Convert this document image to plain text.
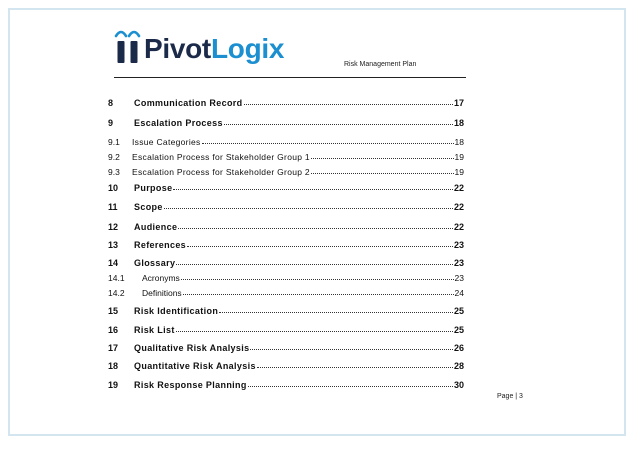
PivotLogix
Risk Management Plan
8	Communication Record	17
9	Escalation Process	18
9.1	Issue Categories	18
9.2	Escalation Process for Stakeholder Group 1	19
9.3	Escalation Process for Stakeholder Group 2	19
10	Purpose	22
11	Scope	22
12	Audience	22
13	References	23
14	Glossary	23
14.1	Acronyms	23
14.2	Definitions	24
15	Risk Identification	25
16	Risk List	25
17	Qualitative Risk Analysis	26
18	Quantitative Risk Analysis	28
19	Risk Response Planning	30
Page | 3
